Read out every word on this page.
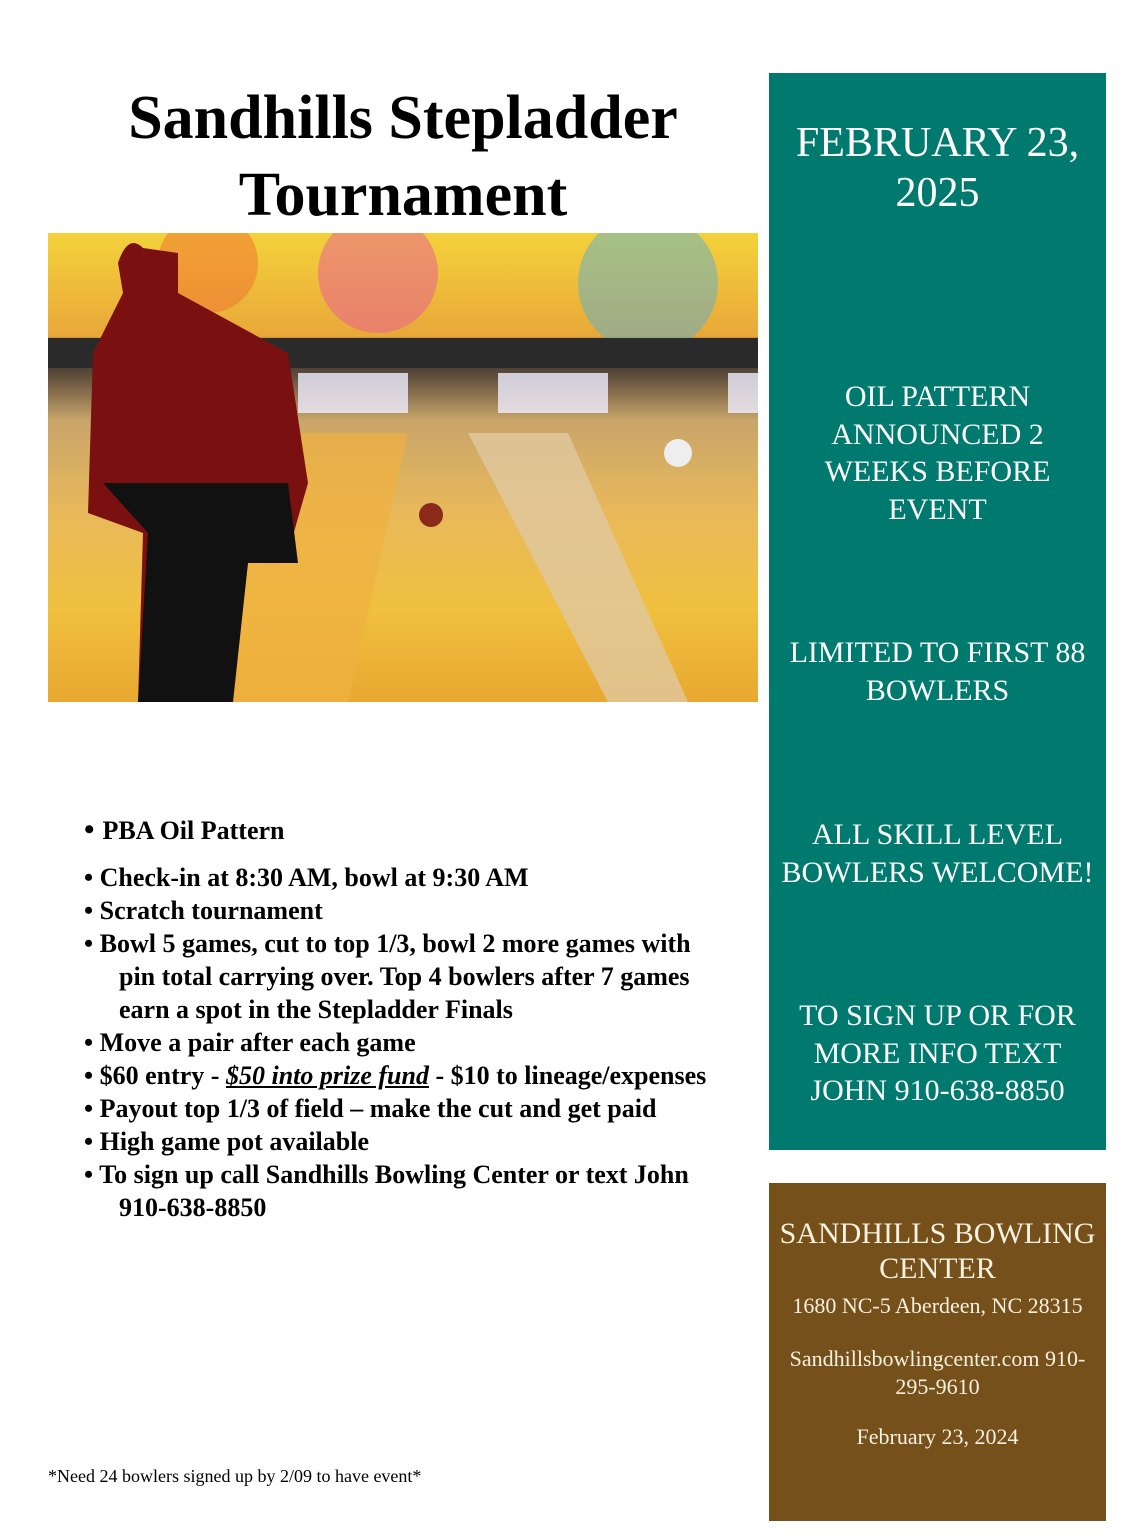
Sandhills Stepladder
Tournament
• PBA Oil Pattern
• Check-in at 8:30 AM, bowl at 9:30 AM
• Scratch tournament
• Bowl 5 games, cut to top 1/3, bowl 2 more games with
pin total carrying over. Top 4 bowlers after 7 games
earn a spot in the Stepladder Finals
• Move a pair after each game
• $60 entry - $50 into prize fund - $10 to lineage/expenses
• Payout top 1/3 of field – make the cut and get paid
• High game pot available
• To sign up call Sandhills Bowling Center or text John
910-638-8850
*Need 24 bowlers signed up by 2/09 to have event*
FEBRUARY 23,
2025
OIL PATTERN
ANNOUNCED 2
WEEKS BEFORE
EVENT
LIMITED TO FIRST 88
BOWLERS
ALL SKILL LEVEL
BOWLERS WELCOME!
TO SIGN UP OR FOR
MORE INFO TEXT
JOHN 910-638-8850
SANDHILLS BOWLING
CENTER
1680 NC-5 Aberdeen, NC 28315
Sandhillsbowlingcenter.com 910-
295-9610
February 23, 2024
